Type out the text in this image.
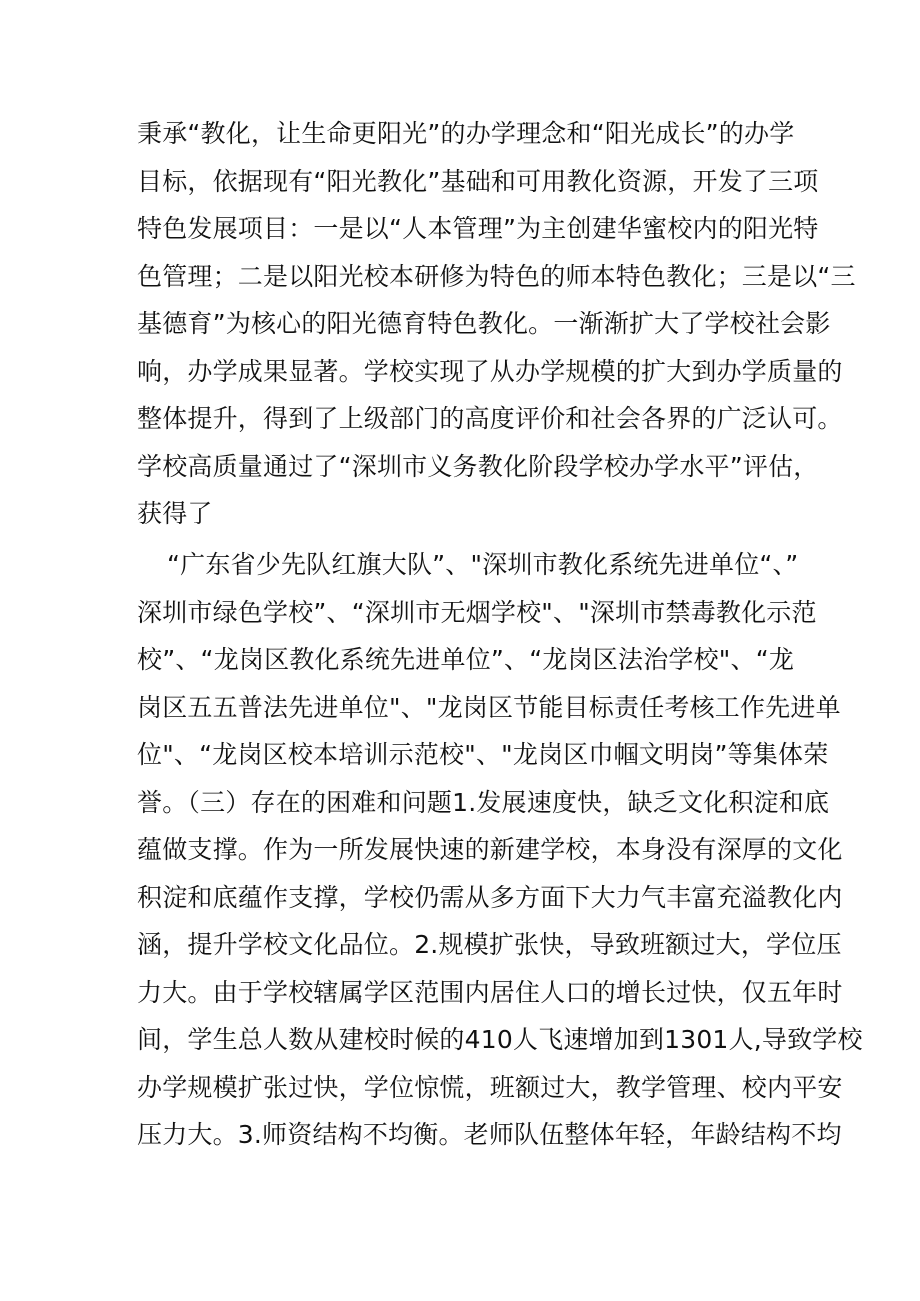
秉承“教化，让生命更阳光”的办学理念和“阳光成长”的办学
目标，依据现有“阳光教化”基础和可用教化资源，开发了三项
特色发展项目：一是以“人本管理”为主创建华蜜校内的阳光特
色管理；二是以阳光校本研修为特色的师本特色教化；三是以“三
基德育”为核心的阳光德育特色教化。一渐渐扩大了学校社会影
响，办学成果显著。学校实现了从办学规模的扩大到办学质量的
整体提升，得到了上级部门的高度评价和社会各界的广泛认可。
学校高质量通过了“深圳市义务教化阶段学校办学水平”评估，
获得了
“广东省少先队红旗大队”、"深圳市教化系统先进单位“、”
深圳市绿色学校”、“深圳市无烟学校"、"深圳市禁毒教化示范
校”、“龙岗区教化系统先进单位”、“龙岗区法治学校"、“龙
岗区五五普法先进单位"、"龙岗区节能目标责任考核工作先进单
位"、“龙岗区校本培训示范校"、"龙岗区巾帼文明岗”等集体荣
誉。（三）存在的困难和问题1.发展速度快，缺乏文化积淀和底
蕴做支撑。作为一所发展快速的新建学校，本身没有深厚的文化
积淀和底蕴作支撑，学校仍需从多方面下大力气丰富充溢教化内
涵，提升学校文化品位。2.规模扩张快，导致班额过大，学位压
力大。由于学校辖属学区范围内居住人口的增长过快，仅五年时
间，学生总人数从建校时候的410人飞速增加到1301人,导致学校
办学规模扩张过快，学位惊慌，班额过大，教学管理、校内平安
压力大。3.师资结构不均衡。老师队伍整体年轻，年龄结构不均
